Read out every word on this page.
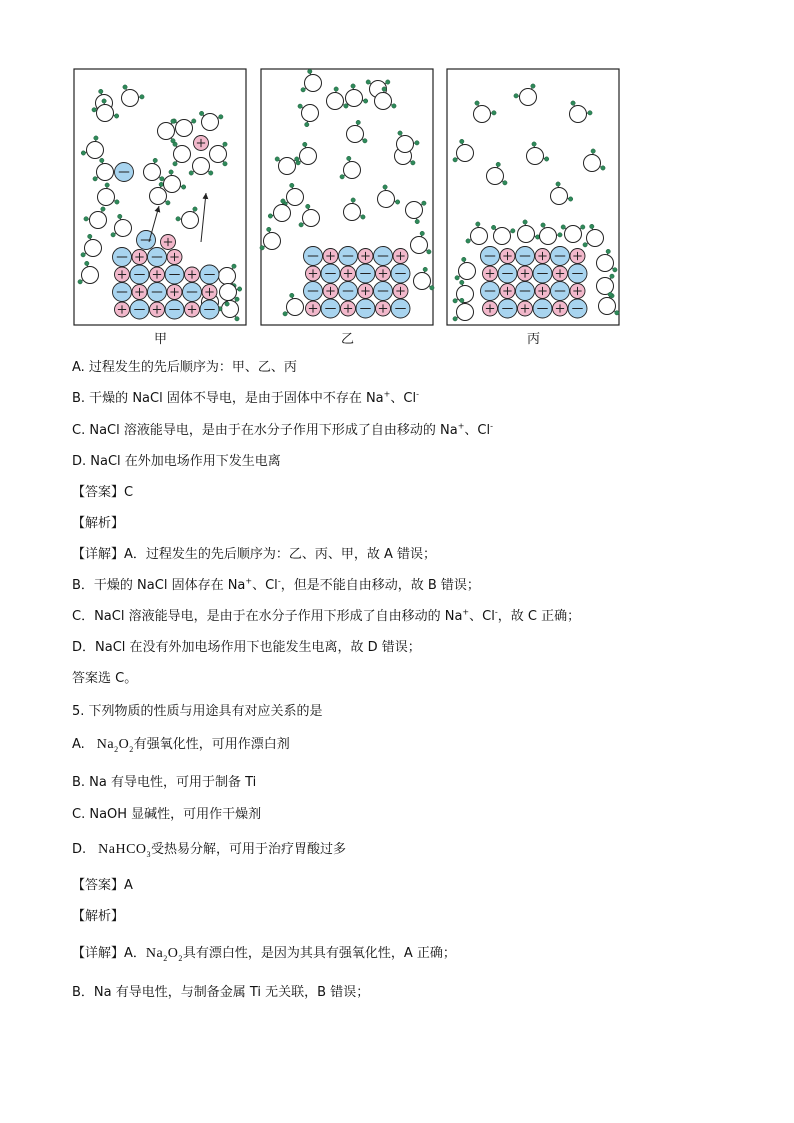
甲	乙	丙
A. 过程发生的先后顺序为：甲、乙、丙
B. 干燥的 NaCl 固体不导电，是由于固体中不存在 Na+、Cl-
C. NaCl 溶液能导电，是由于在水分子作用下形成了自由移动的 Na+、Cl-
D. NaCl 在外加电场作用下发生电离
【答案】C
【解析】
【详解】A．过程发生的先后顺序为：乙、丙、甲，故 A 错误；
B．干燥的 NaCl 固体存在 Na+、Cl-，但是不能自由移动，故 B 错误；
C．NaCl 溶液能导电，是由于在水分子作用下形成了自由移动的 Na+、Cl-，故 C 正确；
D．NaCl 在没有外加电场作用下也能发生电离，故 D 错误；
答案选 C。
5. 下列物质的性质与用途具有对应关系的是
A. $Na_2O_2$有强氧化性，可用作漂白剂
B. Na 有导电性，可用于制备 Ti
C. NaOH 显碱性，可用作干燥剂
D. NaHCO$_3$受热易分解，可用于治疗胃酸过多
【答案】A
【解析】
【详解】A．$Na_2O_2$具有漂白性，是因为其具有强氧化性，A 正确；
B．Na 有导电性，与制备金属 Ti 无关联，B 错误；
